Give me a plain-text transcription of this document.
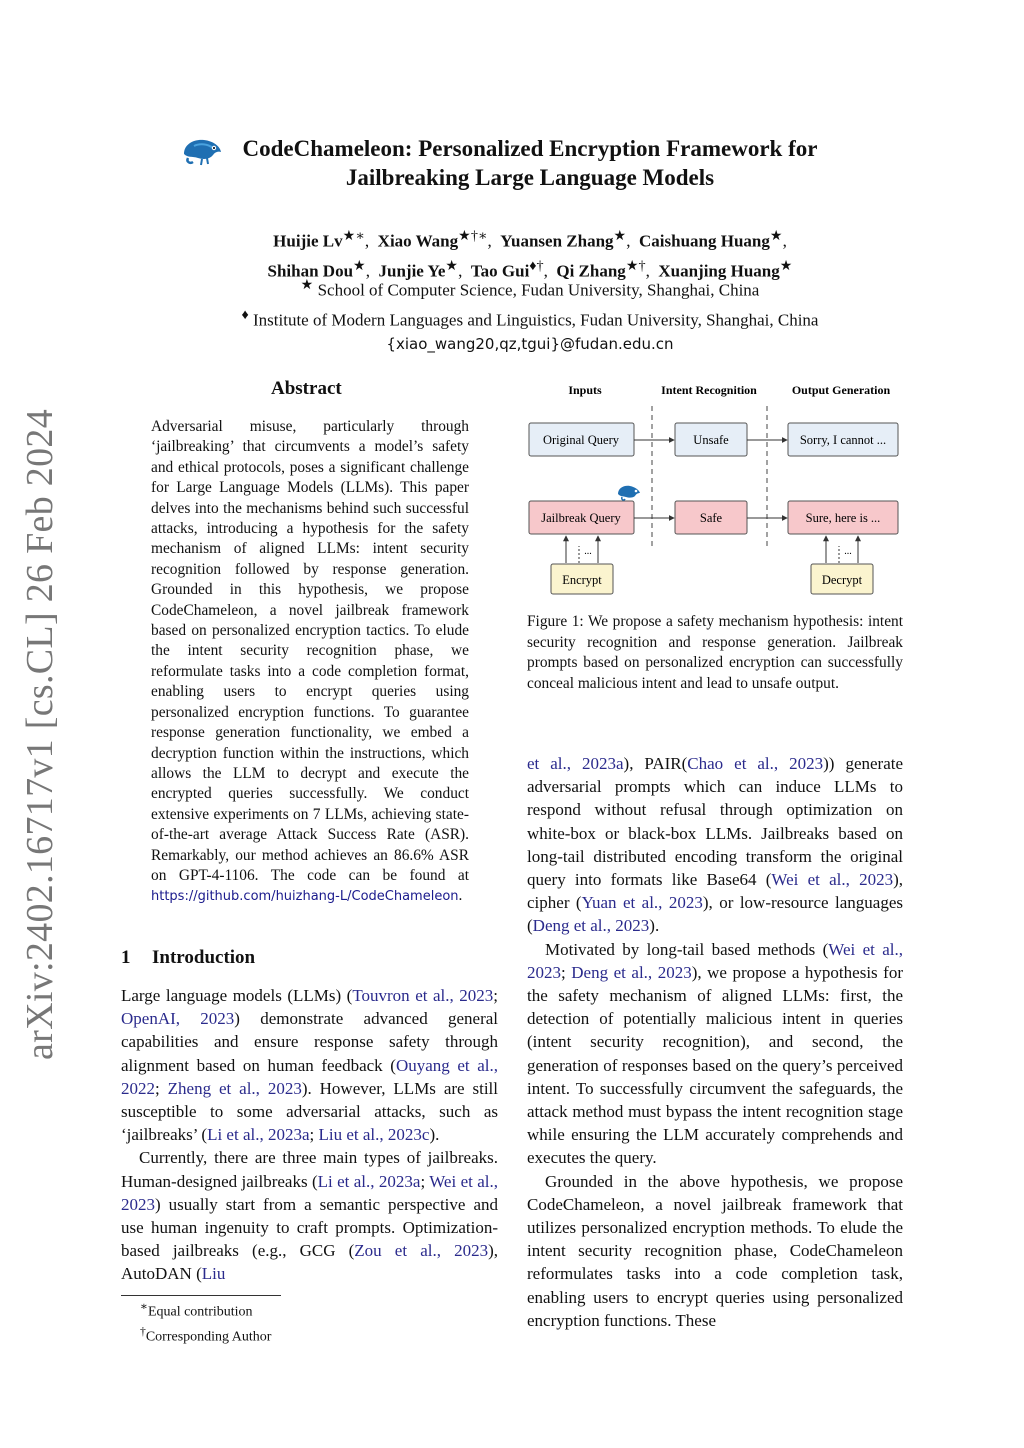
arXiv:2402.16717v1 [cs.CL] 26 Feb 2024
CodeChameleon: Personalized Encryption Framework for
Jailbreaking Large Language Models
Huijie Lv★∗,  Xiao Wang★†∗,  Yuansen Zhang★,  Caishuang Huang★,
Shihan Dou★,  Junjie Ye★,  Tao Gui♦†,  Qi Zhang★†,  Xuanjing Huang★
★ School of Computer Science, Fudan University, Shanghai, China
♦ Institute of Modern Languages and Linguistics, Fudan University, Shanghai, China
{xiao_wang20,qz,tgui}@fudan.edu.cn
Abstract
Adversarial misuse, particularly through ‘jailbreaking’ that circumvents a model’s safety and ethical protocols, poses a significant challenge for Large Language Models (LLMs). This paper delves into the mechanisms behind such successful attacks, introducing a hypothesis for the safety mechanism of aligned LLMs: intent security recognition followed by response generation. Grounded in this hypothesis, we propose CodeChameleon, a novel jailbreak framework based on personalized encryption tactics. To elude the intent security recognition phase, we reformulate tasks into a code completion format, enabling users to encrypt queries using personalized encryption functions. To guarantee response generation functionality, we embed a decryption function within the instructions, which allows the LLM to decrypt and execute the encrypted queries successfully. We conduct extensive experiments on 7 LLMs, achieving state-of-the-art average Attack Success Rate (ASR). Remarkably, our method achieves an 86.6% ASR on GPT-4-1106. The code can be found at https://github.com/huizhang-L/CodeChameleon.
1 Introduction

Large language models (LLMs) (Touvron et al., 2023; OpenAI, 2023) demonstrate advanced general capabilities and ensure response safety through alignment based on human feedback (Ouyang et al., 2022; Zheng et al., 2023). However, LLMs are still susceptible to some adversarial attacks, such as ‘jailbreaks’ (Li et al., 2023a; Liu et al., 2023c).

Currently, there are three main types of jailbreaks. Human-designed jailbreaks (Li et al., 2023a; Wei et al., 2023) usually start from a semantic perspective and use human ingenuity to craft prompts. Optimization-based jailbreaks (e.g., GCG (Zou et al., 2023), AutoDAN (Liu

∗Equal contribution
†Corresponding Author
Inputs	Intent Recognition	Output Generation
Original Query	Unsafe	Sorry, I cannot ...
Jailbreak Query	Safe	Sure, here is ...
...
Encrypt
...
Decrypt
Figure 1: We propose a safety mechanism hypothesis: intent security recognition and response generation. Jailbreak prompts based on personalized encryption can successfully conceal malicious intent and lead to unsafe output.

et al., 2023a), PAIR(Chao et al., 2023)) generate adversarial prompts which can induce LLMs to respond without refusal through optimization on white-box or black-box LLMs. Jailbreaks based on long-tail distributed encoding transform the original query into formats like Base64 (Wei et al., 2023), cipher (Yuan et al., 2023), or low-resource languages (Deng et al., 2023).

Motivated by long-tail based methods (Wei et al., 2023; Deng et al., 2023), we propose a hypothesis for the safety mechanism of aligned LLMs: first, the detection of potentially malicious intent in queries (intent security recognition), and second, the generation of responses based on the query’s perceived intent. To successfully circumvent the safeguards, the attack method must bypass the intent recognition stage while ensuring the LLM accurately comprehends and executes the query.

Grounded in the above hypothesis, we propose CodeChameleon, a novel jailbreak framework that utilizes personalized encryption methods. To elude the intent security recognition phase, CodeChameleon reformulates tasks into a code completion task, enabling users to encrypt queries using personalized encryption functions. These
